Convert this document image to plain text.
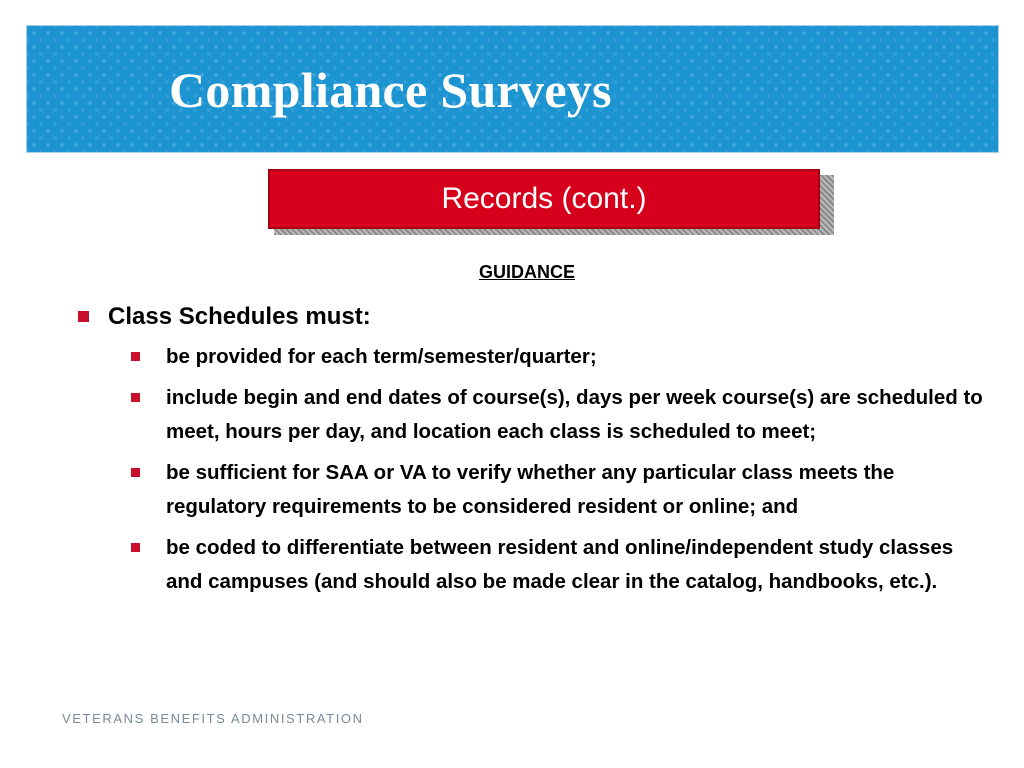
Compliance Surveys
Records (cont.)
GUIDANCE
Class Schedules must:
be provided for each term/semester/quarter;
include begin and end dates of course(s), days per week course(s) are scheduled to meet, hours per day, and location each class is scheduled to meet;
be sufficient for SAA or VA to verify whether any particular class meets the regulatory requirements to be considered resident or online; and
be coded to differentiate between resident and online/independent study classes and campuses (and should also be made clear in the catalog, handbooks, etc.).
VETERANS BENEFITS ADMINISTRATION
